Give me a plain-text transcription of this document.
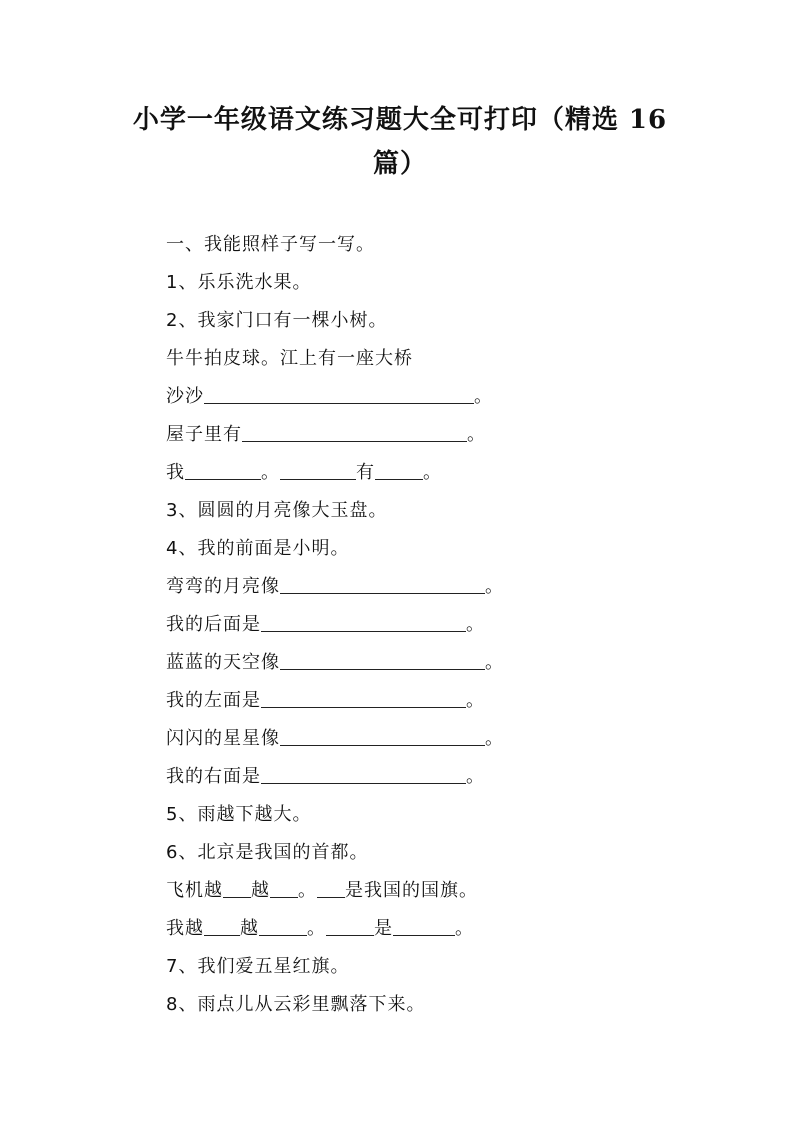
小学一年级语文练习题大全可打印（精选 16
篇）
一、我能照样子写一写。
1、乐乐洗水果。
2、我家门口有一棵小树。
牛牛拍皮球。江上有一座大桥
沙沙	。
屋子里有	。
我	。	有	。
3、圆圆的月亮像大玉盘。
4、我的前面是小明。
弯弯的月亮像	。
我的后面是	。
蓝蓝的天空像	。
我的左面是	。
闪闪的星星像	。
我的右面是	。
5、雨越下越大。
6、北京是我国的首都。
飞机越 越 。 是我国的国旗。
我越 越	。	是	。
7、我们爱五星红旗。
8、雨点儿从云彩里飘落下来。
